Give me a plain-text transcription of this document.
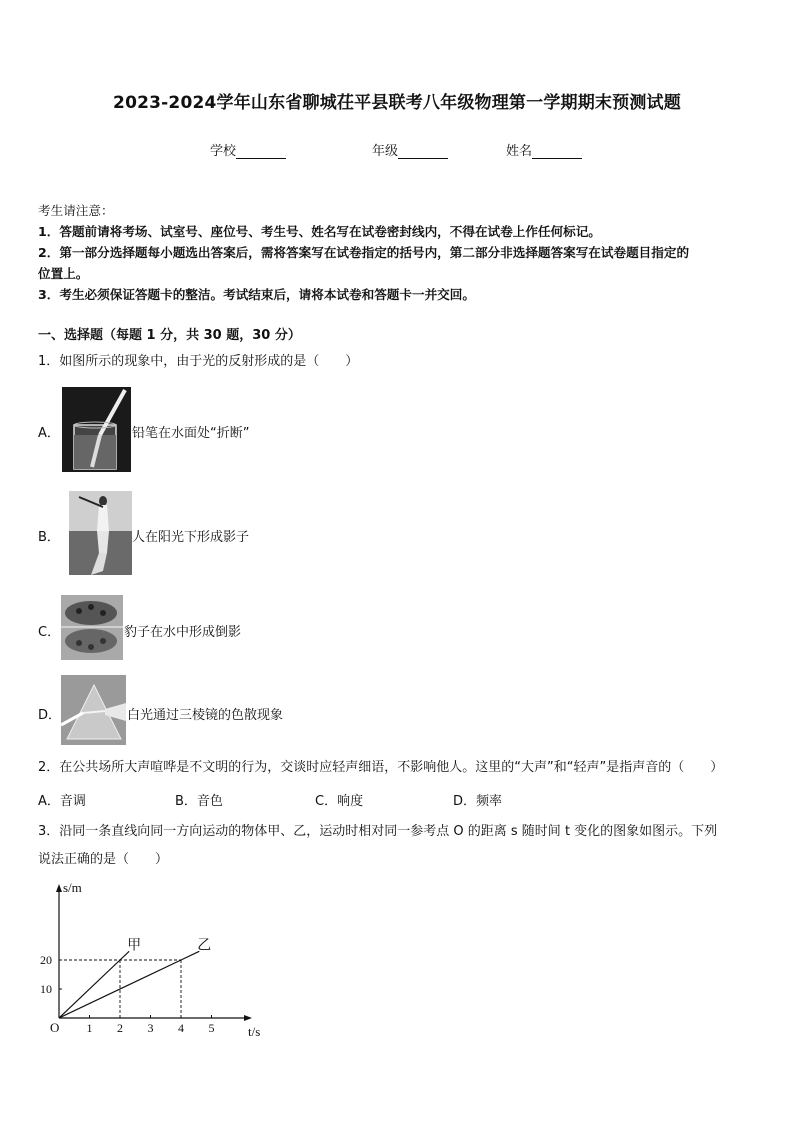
2023-2024学年山东省聊城茌平县联考八年级物理第一学期期末预测试题
学校	年级	姓名
考生请注意：
1．答题前请将考场、试室号、座位号、考生号、姓名写在试卷密封线内，不得在试卷上作任何标记。
2．第一部分选择题每小题选出答案后，需将答案写在试卷指定的括号内，第二部分非选择题答案写在试卷题目指定的
位置上。
3．考生必须保证答题卡的整洁。考试结束后，请将本试卷和答题卡一并交回。
一、选择题（每题 1 分，共 30 题，30 分）
1．如图所示的现象中，由于光的反射形成的是（　　）
A．	铅笔在水面处“折断”
B．	人在阳光下形成影子
C．	豹子在水中形成倒影
D．	白光通过三棱镜的色散现象
2．在公共场所大声喧哗是不文明的行为，交谈时应轻声细语，不影响他人。这里的“大声”和“轻声”是指声音的（　　）
A．音调	B．音色	C．响度	D．频率
3．沿同一条直线向同一方向运动的物体甲、乙，运动时相对同一参考点 O 的距离 s 随时间 t 变化的图象如图示。下列
说法正确的是（　　）
s/m
t/s
O 1 2 3 4 5
10
20
甲	乙
